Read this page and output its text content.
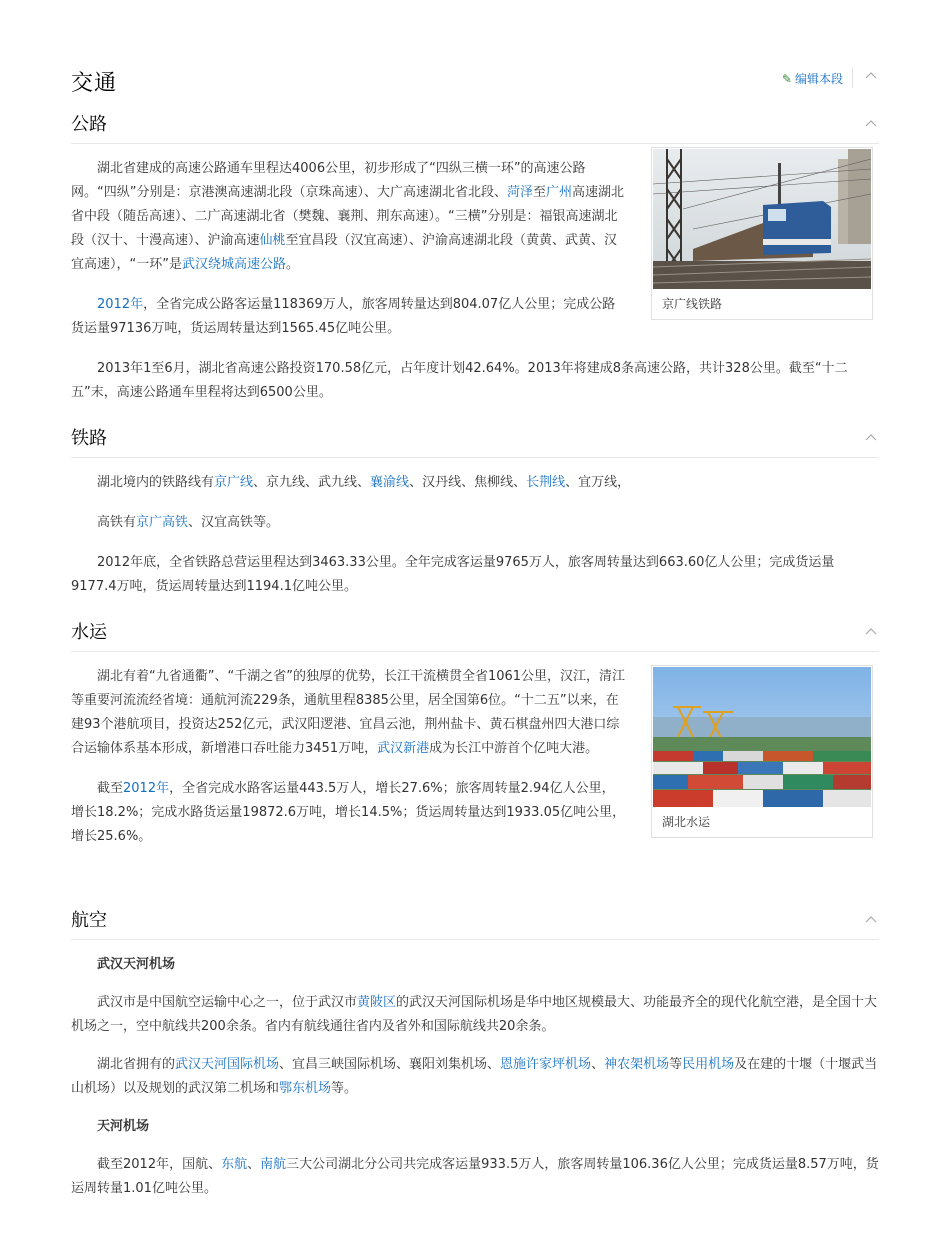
交通	✎ 编辑本段
公路

湖北省建成的高速公路通车里程达4006公里，初步形成了“四纵三横一环”的高速公路网。“四纵”分别是：京港澳高速湖北段（京珠高速）、大广高速湖北省北段、菏泽至广州高速湖北省中段（随岳高速）、二广高速湖北省（樊魏、襄荆、荆东高速）。“三横”分别是：福银高速湖北段（汉十、十漫高速）、沪渝高速仙桃至宜昌段（汉宜高速）、沪渝高速湖北段（黄黄、武黄、汉宜高速），“一环”是武汉绕城高速公路。

2012年，全省完成公路客运量118369万人，旅客周转量达到804.07亿人公里；完成公路货运量97136万吨，货运周转量达到1565.45亿吨公里。

2013年1至6月，湖北省高速公路投资170.58亿元，占年度计划42.64%。2013年将建成8条高速公路，共计328公里。截至“十二五”末，高速公路通车里程将达到6500公里。

京广线铁路
铁路

湖北境内的铁路线有京广线、京九线、武九线、襄渝线、汉丹线、焦柳线、长荆线、宜万线，

高铁有京广高铁、汉宜高铁等。

2012年底，全省铁路总营运里程达到3463.33公里。全年完成客运量9765万人，旅客周转量达到663.60亿人公里；完成货运量9177.4万吨，货运周转量达到1194.1亿吨公里。

水运

湖北有着“九省通衢”、“千湖之省”的独厚的优势，长江干流横贯全省1061公里，汉江，清江等重要河流流经省境：通航河流229条，通航里程8385公里，居全国第6位。“十二五”以来，在建93个港航项目，投资达252亿元，武汉阳逻港、宜昌云池，荆州盐卡、黄石棋盘州四大港口综合运输体系基本形成，新增港口吞吐能力3451万吨，武汉新港成为长江中游首个亿吨大港。

截至2012年，全省完成水路客运量443.5万人，增长27.6%；旅客周转量2.94亿人公里，增长18.2%；完成水路货运量19872.6万吨，增长14.5%；货运周转量达到1933.05亿吨公里，增长25.6%。

湖北水运
航空
武汉天河机场

武汉市是中国航空运输中心之一，位于武汉市黄陂区的武汉天河国际机场是华中地区规模最大、功能最齐全的现代化航空港，是全国十大机场之一，空中航线共200余条。省内有航线通往省内及省外和国际航线共20余条。

湖北省拥有的武汉天河国际机场、宜昌三峡国际机场、襄阳刘集机场、恩施许家坪机场、神农架机场等民用机场及在建的十堰（十堰武当山机场）以及规划的武汉第二机场和鄂东机场等。

天河机场

截至2012年，国航、东航、南航三大公司湖北分公司共完成客运量933.5万人，旅客周转量106.36亿人公里；完成货运量8.57万吨，货运周转量1.01亿吨公里。
